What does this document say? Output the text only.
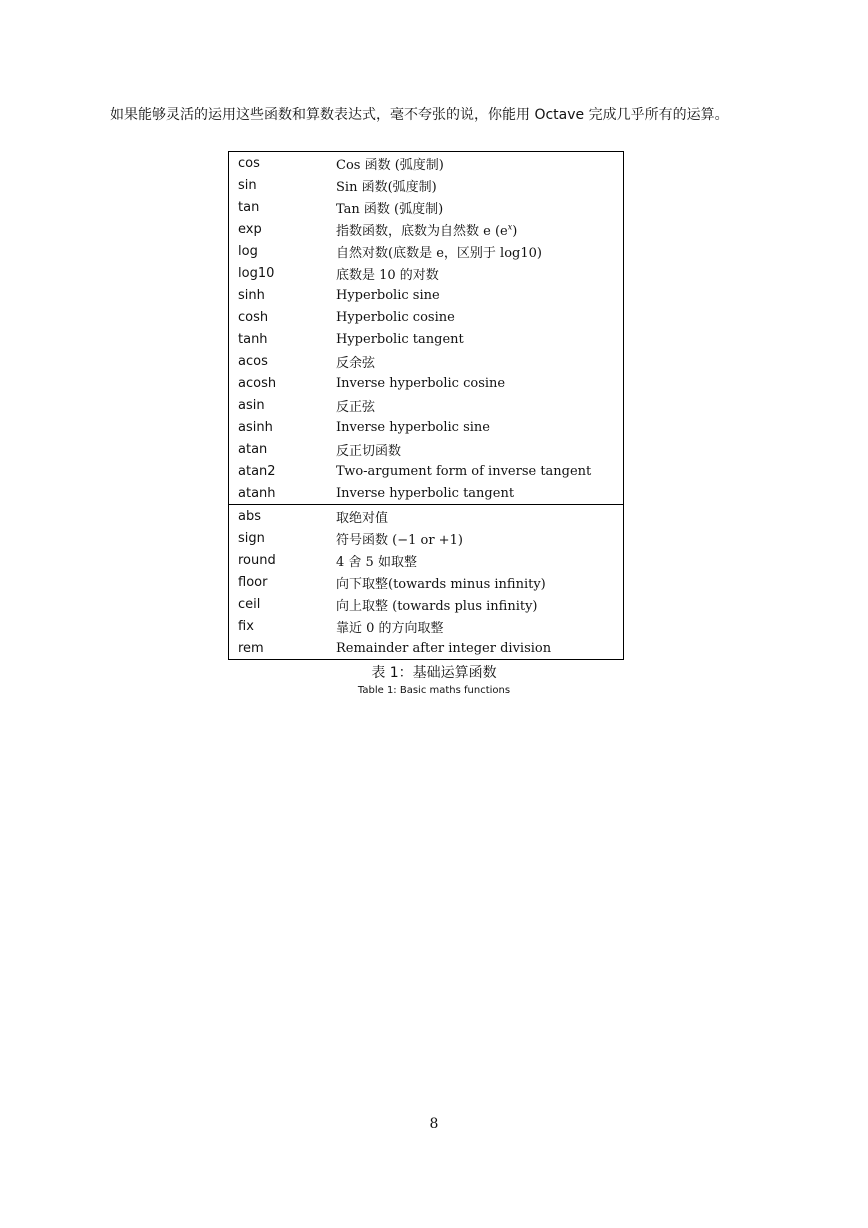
如果能够灵活的运用这些函数和算数表达式，毫不夸张的说，你能用 Octave 完成几乎所有的运算。

cos	Cos 函数 (弧度制)
sin	Sin 函数(弧度制)
tan	Tan 函数 (弧度制)
exp	指数函数，底数为自然数 e $(e^x)$
log	自然对数(底数是 e，区别于 log10)
log10	底数是 10 的对数
sinh	Hyperbolic sine
cosh	Hyperbolic cosine
tanh	Hyperbolic tangent
acos	反余弦
acosh	Inverse hyperbolic cosine
asin	反正弦
asinh	Inverse hyperbolic sine
atan	反正切函数
atan2	Two-argument form of inverse tangent
atanh	Inverse hyperbolic tangent
abs	取绝对值
sign	符号函数 (−1 or +1)
round	4 舍 5 如取整
floor	向下取整(towards minus infinity)
ceil	向上取整 (towards plus infinity)
fix	靠近 0 的方向取整
rem	Remainder after integer division
表 1：基础运算函数
Table 1: Basic maths functions
8
